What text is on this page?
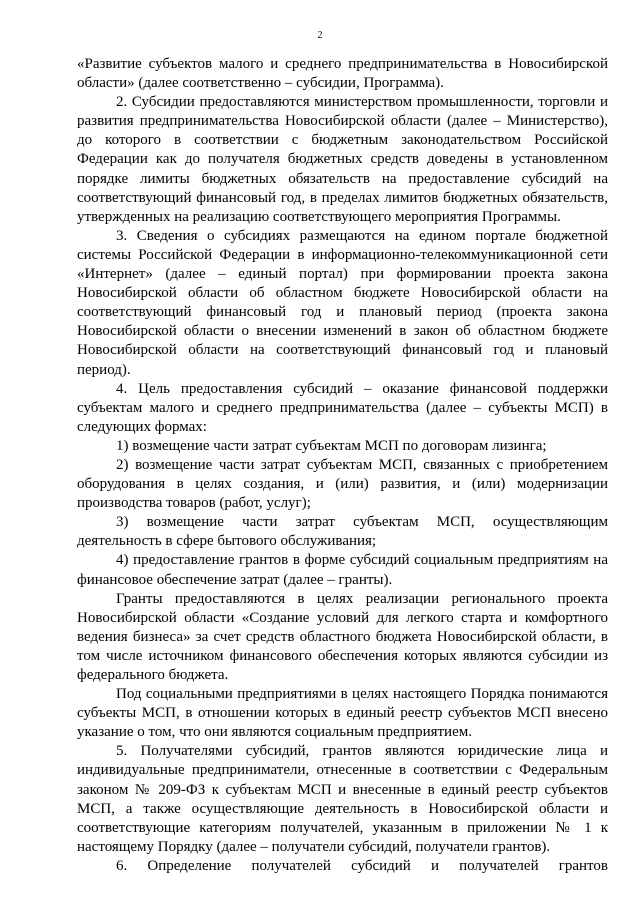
2

«Развитие субъектов малого и среднего предпринимательства в Новосибирской области» (далее соответственно – субсидии, Программа).

2. Субсидии предоставляются министерством промышленности, торговли и развития предпринимательства Новосибирской области (далее – Министерство), до которого в соответствии с бюджетным законодательством Российской Федерации как до получателя бюджетных средств доведены в установленном порядке лимиты бюджетных обязательств на предоставление субсидий на соответствующий финансовый год, в пределах лимитов бюджетных обязательств, утвержденных на реализацию соответствующего мероприятия Программы.

3. Сведения о субсидиях размещаются на едином портале бюджетной системы Российской Федерации в информационно-телекоммуникационной сети «Интернет» (далее – единый портал) при формировании проекта закона Новосибирской области об областном бюджете Новосибирской области на соответствующий финансовый год и плановый период (проекта закона Новосибирской области о внесении изменений в закон об областном бюджете Новосибирской области на соответствующий финансовый год и плановый период).

4. Цель предоставления субсидий – оказание финансовой поддержки субъектам малого и среднего предпринимательства (далее – субъекты МСП) в следующих формах:

1) возмещение части затрат субъектам МСП по договорам лизинга;

2) возмещение части затрат субъектам МСП, связанных с приобретением оборудования в целях создания, и (или) развития, и (или) модернизации производства товаров (работ, услуг);

3) возмещение части затрат субъектам МСП, осуществляющим деятельность в сфере бытового обслуживания;

4) предоставление грантов в форме субсидий социальным предприятиям на финансовое обеспечение затрат (далее – гранты).

Гранты предоставляются в целях реализации регионального проекта Новосибирской области «Создание условий для легкого старта и комфортного ведения бизнеса» за счет средств областного бюджета Новосибирской области, в том числе источником финансового обеспечения которых являются субсидии из федерального бюджета.

Под социальными предприятиями в целях настоящего Порядка понимаются субъекты МСП, в отношении которых в единый реестр субъектов МСП внесено указание о том, что они являются социальным предприятием.

5. Получателями субсидий, грантов являются юридические лица и индивидуальные предприниматели, отнесенные в соответствии с Федеральным законом № 209-ФЗ к субъектам МСП и внесенные в единый реестр субъектов МСП, а также осуществляющие деятельность в Новосибирской области и соответствующие категориям получателей, указанным в приложении № 1 к настоящему Порядку (далее – получатели субсидий, получатели грантов).

6. Определение получателей субсидий и получателей грантов
